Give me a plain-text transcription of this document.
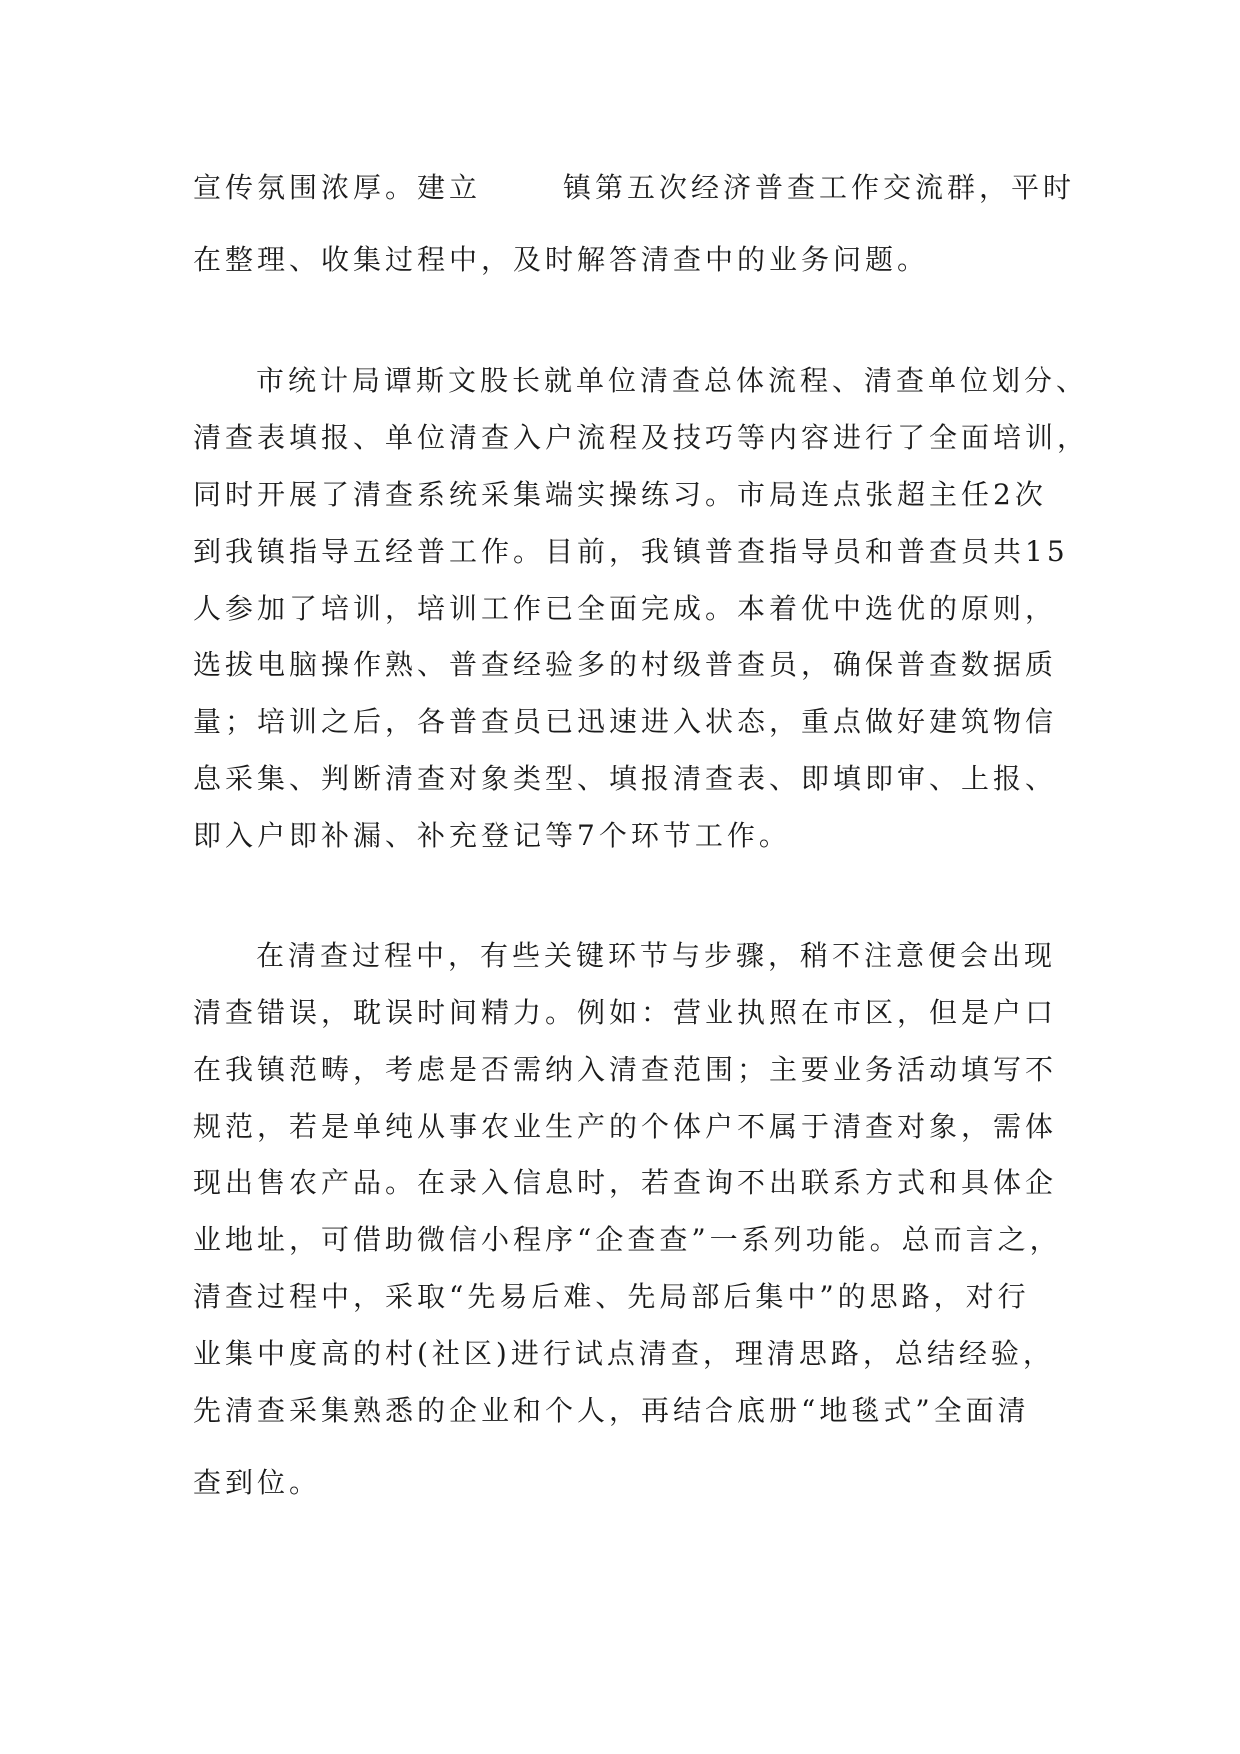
宣传氛围浓厚。建立	镇第五次经济普查工作交流群，平时

在整理、收集过程中，及时解答清查中的业务问题。

市统计局谭斯文股长就单位清查总体流程、清查单位划分、

清查表填报、单位清查入户流程及技巧等内容进行了全面培训，

同时开展了清查系统采集端实操练习。市局连点张超主任2次

到我镇指导五经普工作。目前，我镇普查指导员和普查员共15

人参加了培训，培训工作已全面完成。本着优中选优的原则，

选拔电脑操作熟、普查经验多的村级普查员，确保普查数据质

量；培训之后，各普查员已迅速进入状态，重点做好建筑物信

息采集、判断清查对象类型、填报清查表、即填即审、上报、

即入户即补漏、补充登记等7个环节工作。

在清查过程中，有些关键环节与步骤，稍不注意便会出现

清查错误，耽误时间精力。例如：营业执照在市区，但是户口

在我镇范畴，考虑是否需纳入清查范围；主要业务活动填写不

规范，若是单纯从事农业生产的个体户不属于清查对象，需体

现出售农产品。在录入信息时，若查询不出联系方式和具体企

业地址，可借助微信小程序“企查查”一系列功能。总而言之，

清查过程中，采取“先易后难、先局部后集中”的思路，对行

业集中度高的村(社区)进行试点清查，理清思路，总结经验，

先清查采集熟悉的企业和个人，再结合底册“地毯式”全面清

查到位。
